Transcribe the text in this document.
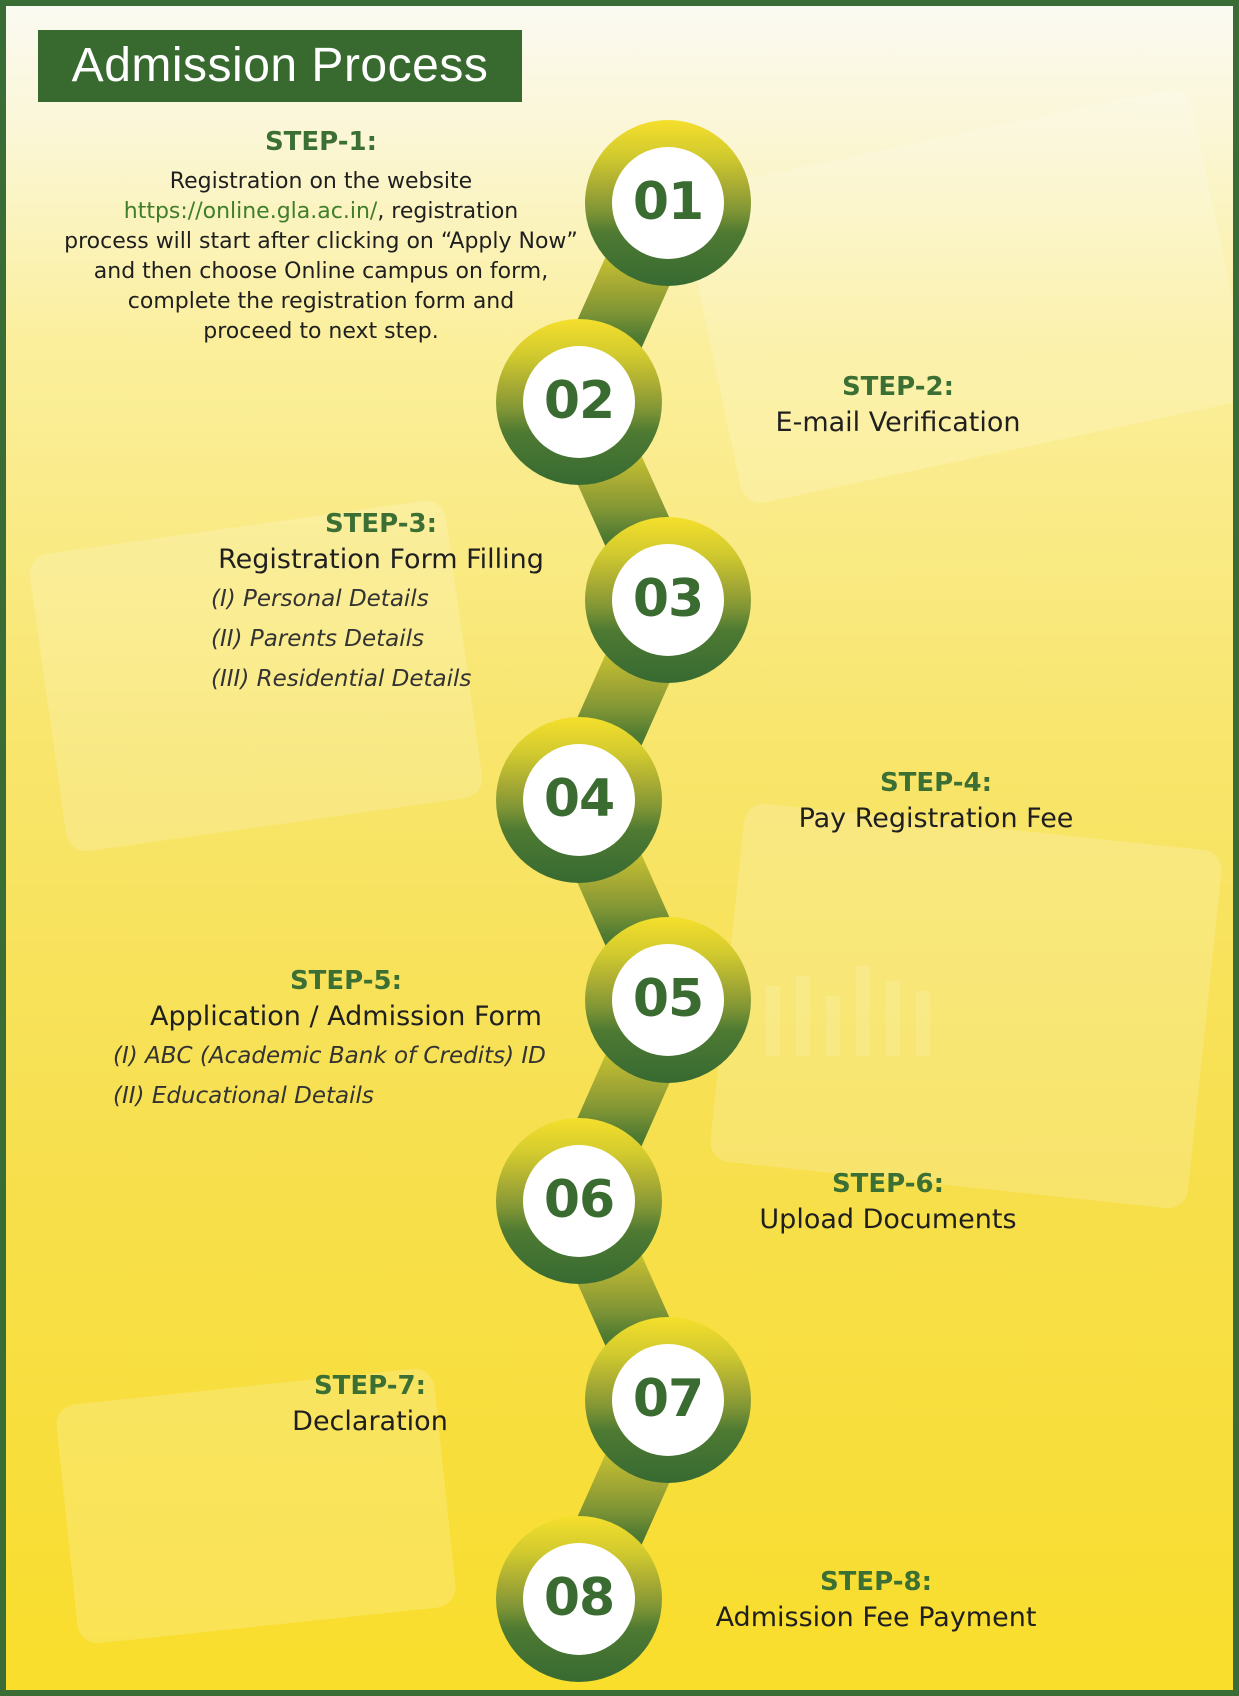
Admission Process
01
02
03
04
05
06
07
08
STEP-1:
Registration on the website
https://online.gla.ac.in/, registration
process will start after clicking on “Apply Now”
and then choose Online campus on form,
complete the registration form and
proceed to next step.
STEP-2:
E-mail Verification
STEP-3:
Registration Form Filling
(I) Personal Details
(II) Parents Details
(III) Residential Details
STEP-4:
Pay Registration Fee
STEP-5:
Application / Admission Form
(I) ABC (Academic Bank of Credits) ID
(II) Educational Details
STEP-6:
Upload Documents
STEP-7:
Declaration
STEP-8:
Admission Fee Payment
